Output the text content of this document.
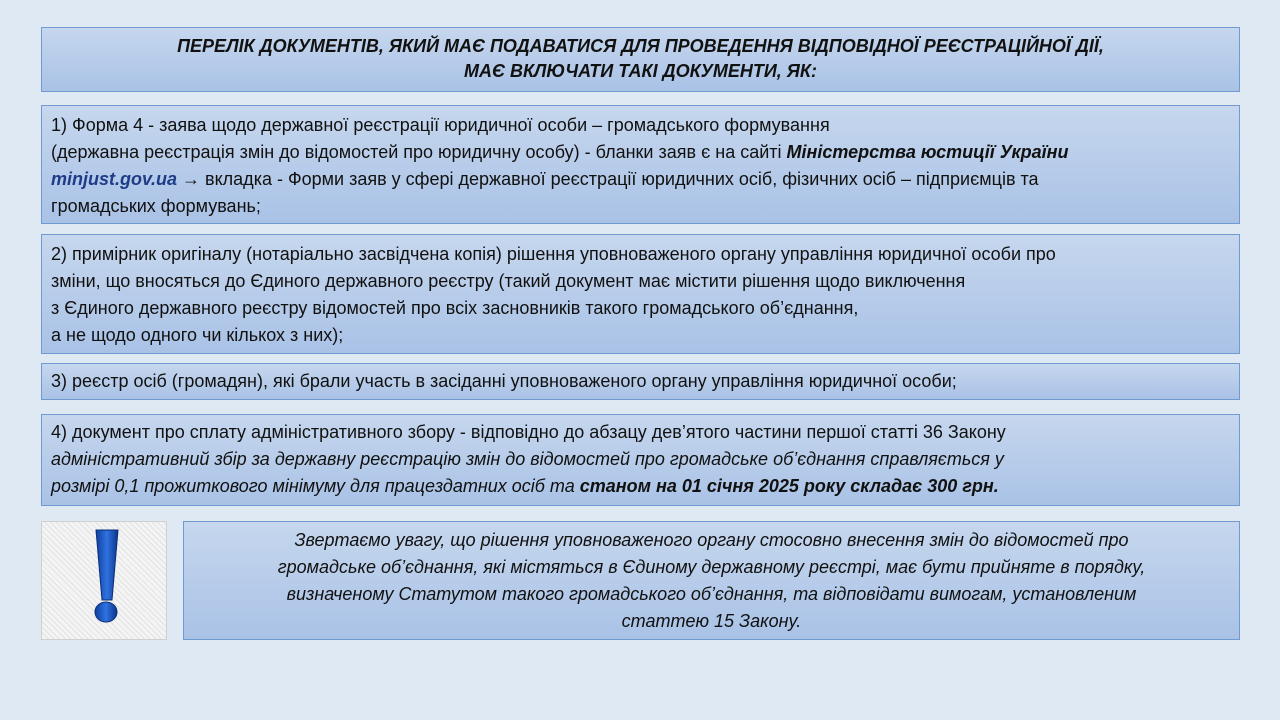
ПЕРЕЛІК ДОКУМЕНТІВ, ЯКИЙ МАЄ ПОДАВАТИСЯ ДЛЯ ПРОВЕДЕННЯ ВІДПОВІДНОЇ РЕЄСТРАЦІЙНОЇ ДІЇ,
МАЄ ВКЛЮЧАТИ ТАКІ ДОКУМЕНТИ, ЯК:
1) Форма 4 - заява щодо державної реєстрації юридичної особи – громадського формування
(державна реєстрація змін до відомостей про юридичну особу) - бланки заяв є на сайті Міністерства юстиції України
minjust.gov.ua → вкладка - Форми заяв у сфері державної реєстрації юридичних осіб, фізичних осіб – підприємців та
громадських формувань;
2) примірник оригіналу (нотаріально засвідчена копія) рішення уповноваженого органу управління юридичної особи про
зміни, що вносяться до Єдиного державного реєстру (такий документ має містити рішення щодо виключення
з Єдиного державного реєстру відомостей про всіх засновників такого громадського об’єднання,
а не щодо одного чи кількох з них);
3) реєстр осіб (громадян), які брали участь в засіданні уповноваженого органу управління юридичної особи;
4) документ про сплату адміністративного збору - відповідно до абзацу дев’ятого частини першої статті 36 Закону
адміністративний збір за державну реєстрацію змін до відомостей про громадське об’єднання справляється у
розмірі 0,1 прожиткового мінімуму для працездатних осіб та станом на 01 січня 2025 року складає 300 грн.
Звертаємо увагу, що рішення уповноваженого органу стосовно внесення змін до відомостей про
громадське об’єднання, які містяться в Єдиному державному реєстрі, має бути прийняте в порядку,
визначеному Статутом такого громадського об’єднання, та відповідати вимогам, установленим
статтею 15 Закону.
